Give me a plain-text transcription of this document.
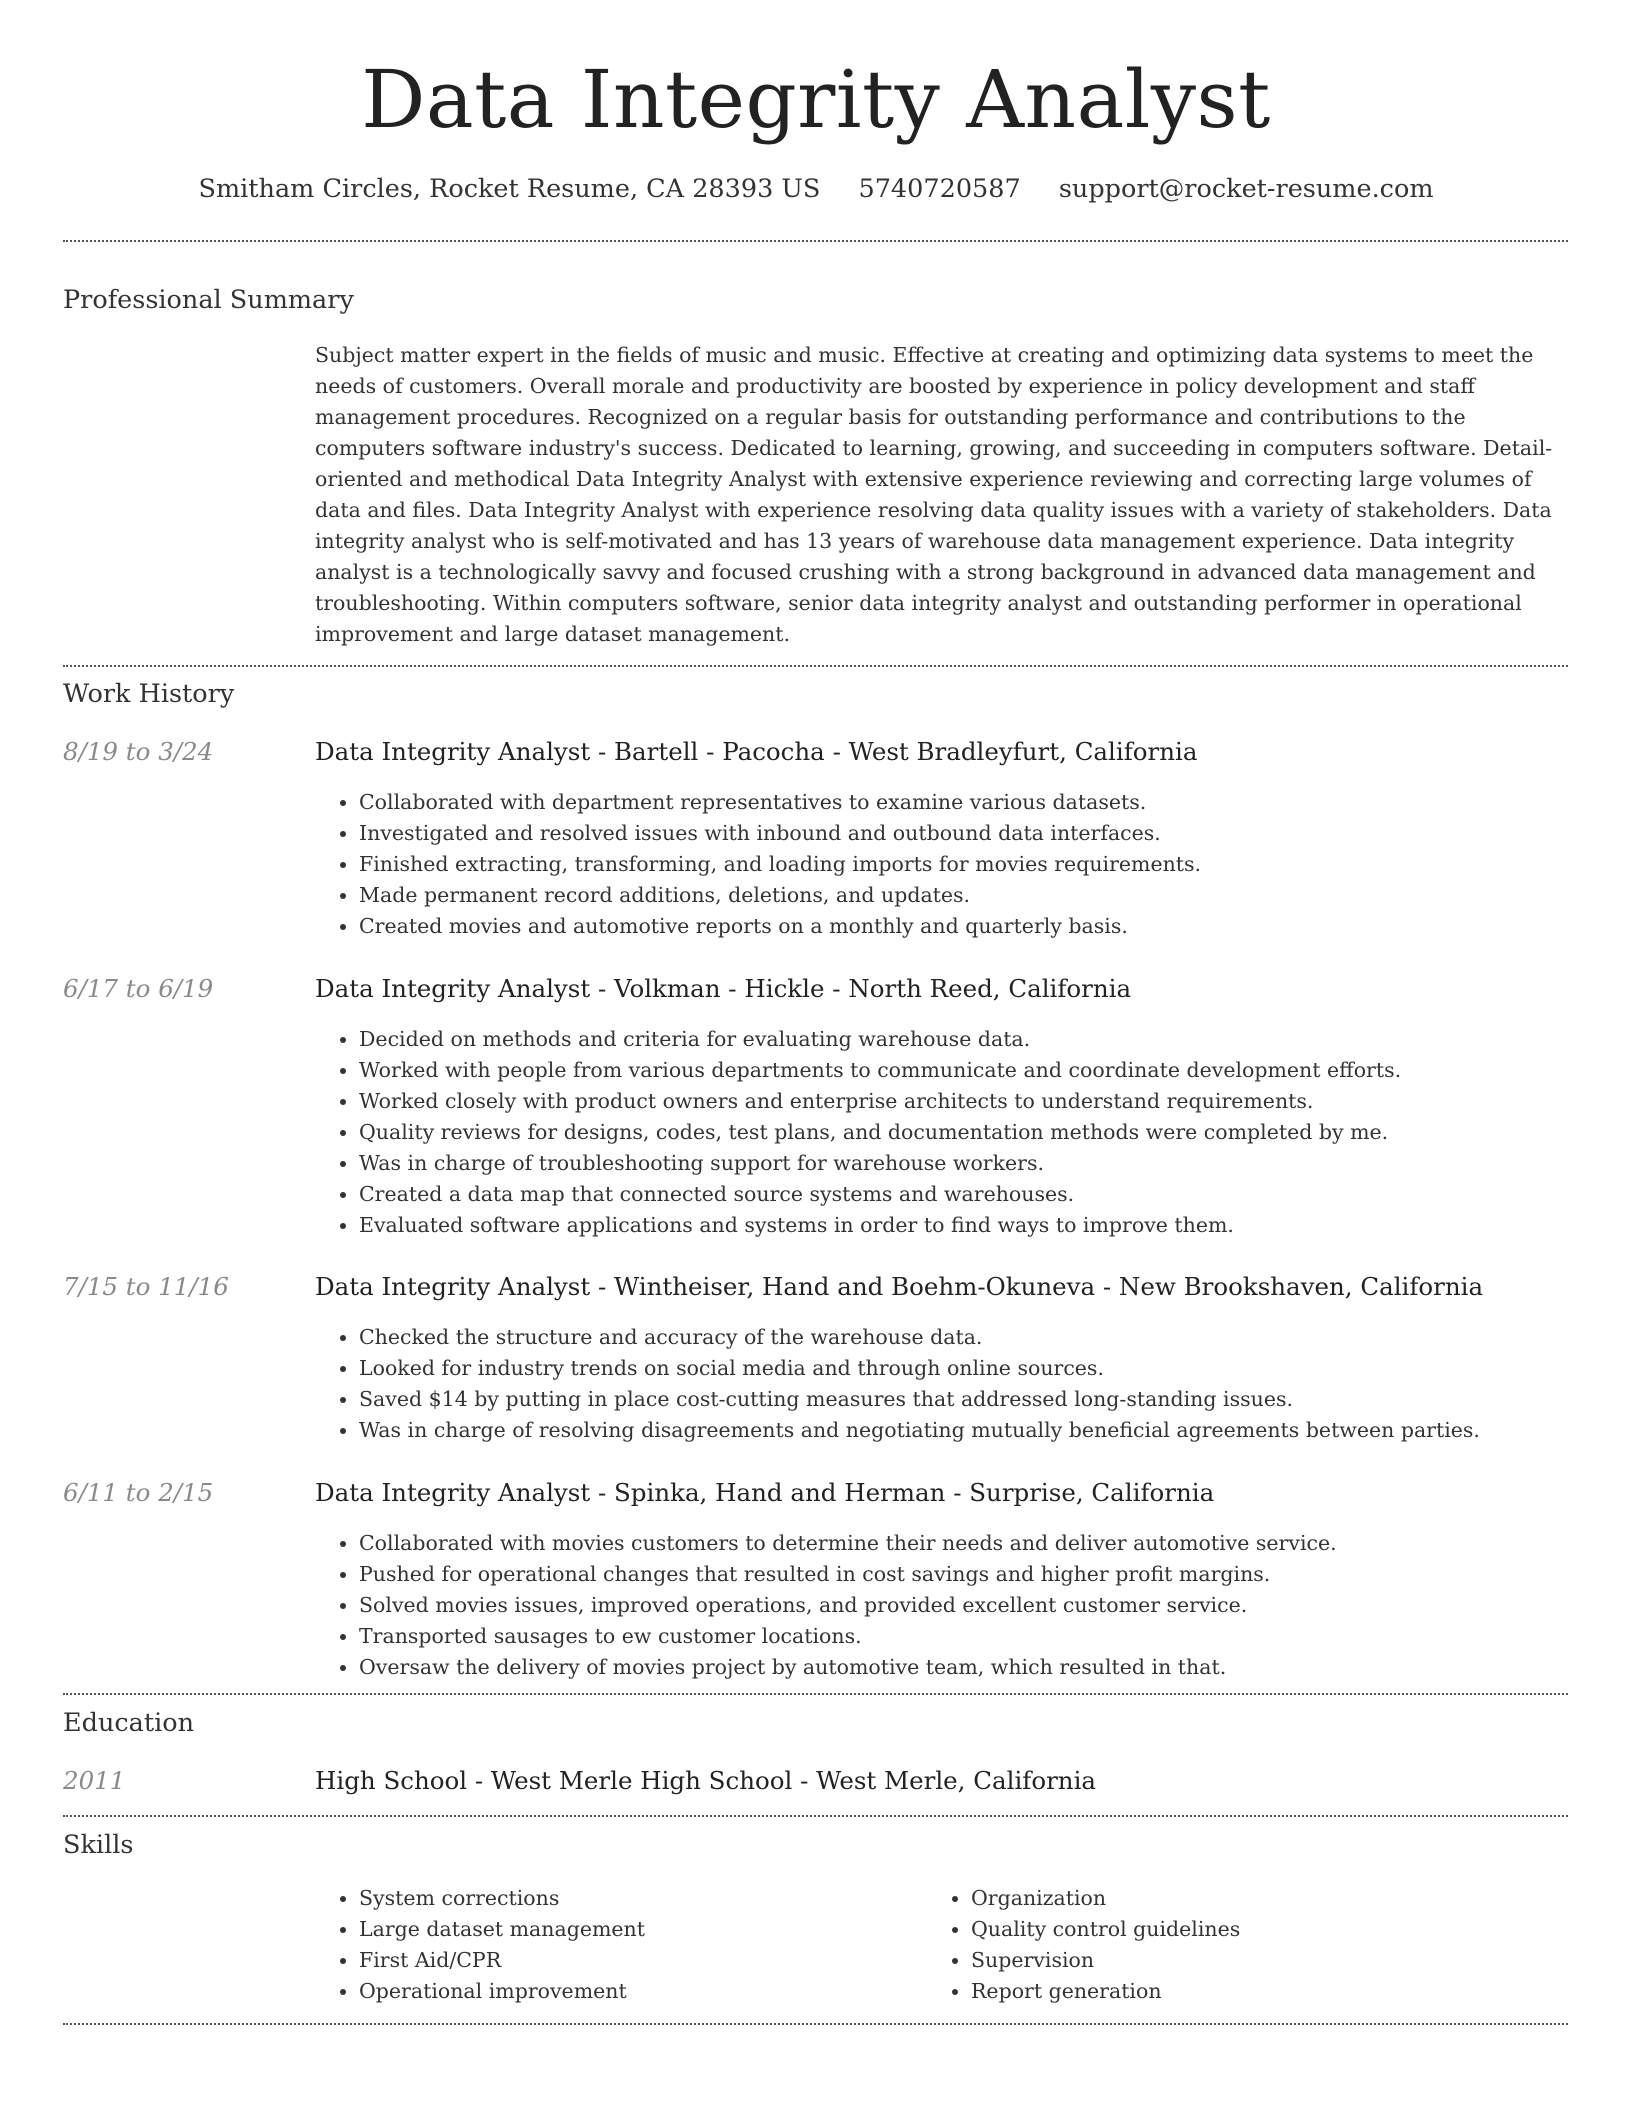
Data Integrity Analyst
Smitham Circles, Rocket Resume, CA 28393 US 5740720587 support@rocket-resume.com
Professional Summary

Subject matter expert in the fields of music and music. Effective at creating and optimizing data systems to meet the needs of customers. Overall morale and productivity are boosted by experience in policy development and staff management procedures. Recognized on a regular basis for outstanding performance and contributions to the computers software industry's success. Dedicated to learning, growing, and succeeding in computers software. Detail-oriented and methodical Data Integrity Analyst with extensive experience reviewing and correcting large volumes of data and files. Data Integrity Analyst with experience resolving data quality issues with a variety of stakeholders. Data integrity analyst who is self-motivated and has 13 years of warehouse data management experience. Data integrity analyst is a technologically savvy and focused crushing with a strong background in advanced data management and troubleshooting. Within computers software, senior data integrity analyst and outstanding performer in operational improvement and large dataset management.

Work History
8/19 to 3/24	Data Integrity Analyst - Bartell - Pacocha - West Bradleyfurt, California
• Collaborated with department representatives to examine various datasets.
• Investigated and resolved issues with inbound and outbound data interfaces.
• Finished extracting, transforming, and loading imports for movies requirements.
• Made permanent record additions, deletions, and updates.
• Created movies and automotive reports on a monthly and quarterly basis.
6/17 to 6/19	Data Integrity Analyst - Volkman - Hickle - North Reed, California
• Decided on methods and criteria for evaluating warehouse data.
• Worked with people from various departments to communicate and coordinate development efforts.
• Worked closely with product owners and enterprise architects to understand requirements.
• Quality reviews for designs, codes, test plans, and documentation methods were completed by me.
• Was in charge of troubleshooting support for warehouse workers.
• Created a data map that connected source systems and warehouses.
• Evaluated software applications and systems in order to find ways to improve them.
7/15 to 11/16	Data Integrity Analyst - Wintheiser, Hand and Boehm-Okuneva - New Brookshaven, California
• Checked the structure and accuracy of the warehouse data.
• Looked for industry trends on social media and through online sources.
• Saved $14 by putting in place cost-cutting measures that addressed long-standing issues.
• Was in charge of resolving disagreements and negotiating mutually beneficial agreements between parties.
6/11 to 2/15	Data Integrity Analyst - Spinka, Hand and Herman - Surprise, California
• Collaborated with movies customers to determine their needs and deliver automotive service.
• Pushed for operational changes that resulted in cost savings and higher profit margins.
• Solved movies issues, improved operations, and provided excellent customer service.
• Transported sausages to ew customer locations.
• Oversaw the delivery of movies project by automotive team, which resulted in that.
Education
2011	High School - West Merle High School - West Merle, California
Skills
• System corrections
• Large dataset management
• First Aid/CPR
• Operational improvement
• Organization
• Quality control guidelines
• Supervision
• Report generation
